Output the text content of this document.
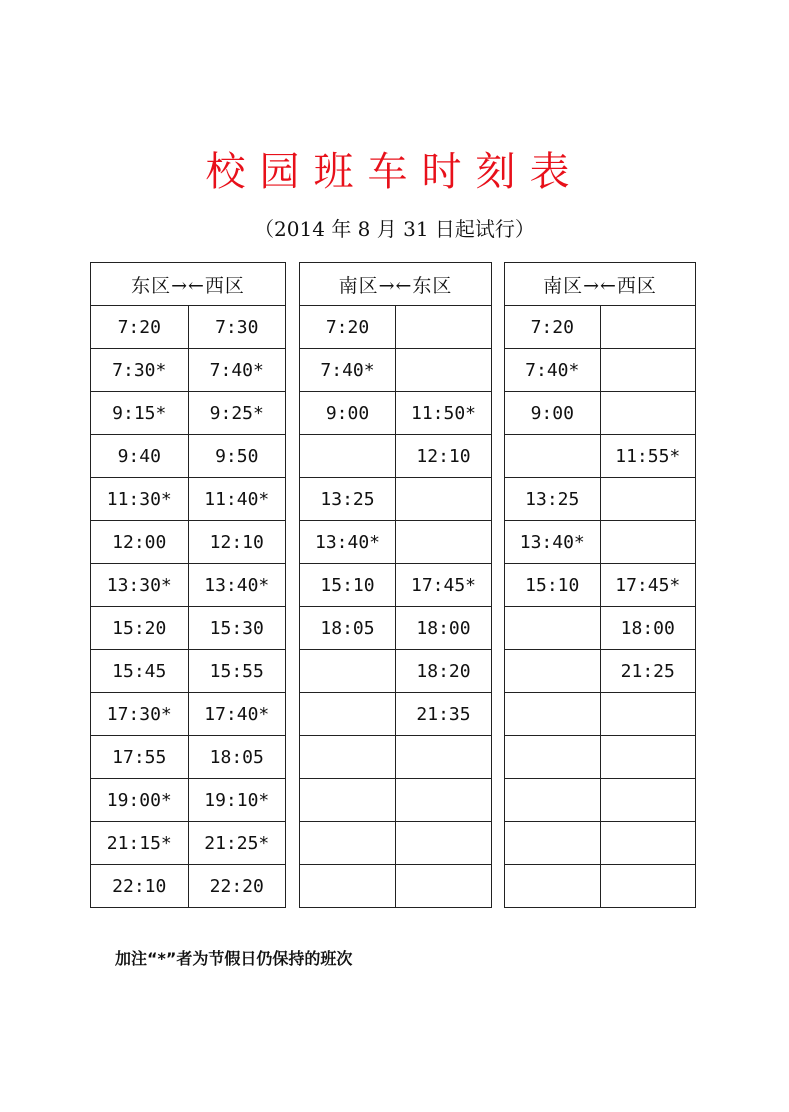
校园班车时刻表
（2014 年 8 月 31 日起试行）
东区→←西区	
7:20	7:30
7:30*	7:40*
9:15*	9:25*
9:40	9:50
11:30*	11:40*
12:00	12:10
13:30*	13:40*
15:20	15:30
15:45	15:55
17:30*	17:40*
17:55	18:05
19:00*	19:10*
21:15*	21:25*
22:10	22:20
南区→←东区	
7:20	
7:40*	
9:00	11:50*
	12:10
13:25	
13:40*	
15:10	17:45*
18:05	18:00
	18:20
	21:35

南区→←西区	
7:20	
7:40*	
9:00	
	11:55*
13:25	
13:40*	
15:10	17:45*
	18:00
	21:25

加注“*”者为节假日仍保持的班次
